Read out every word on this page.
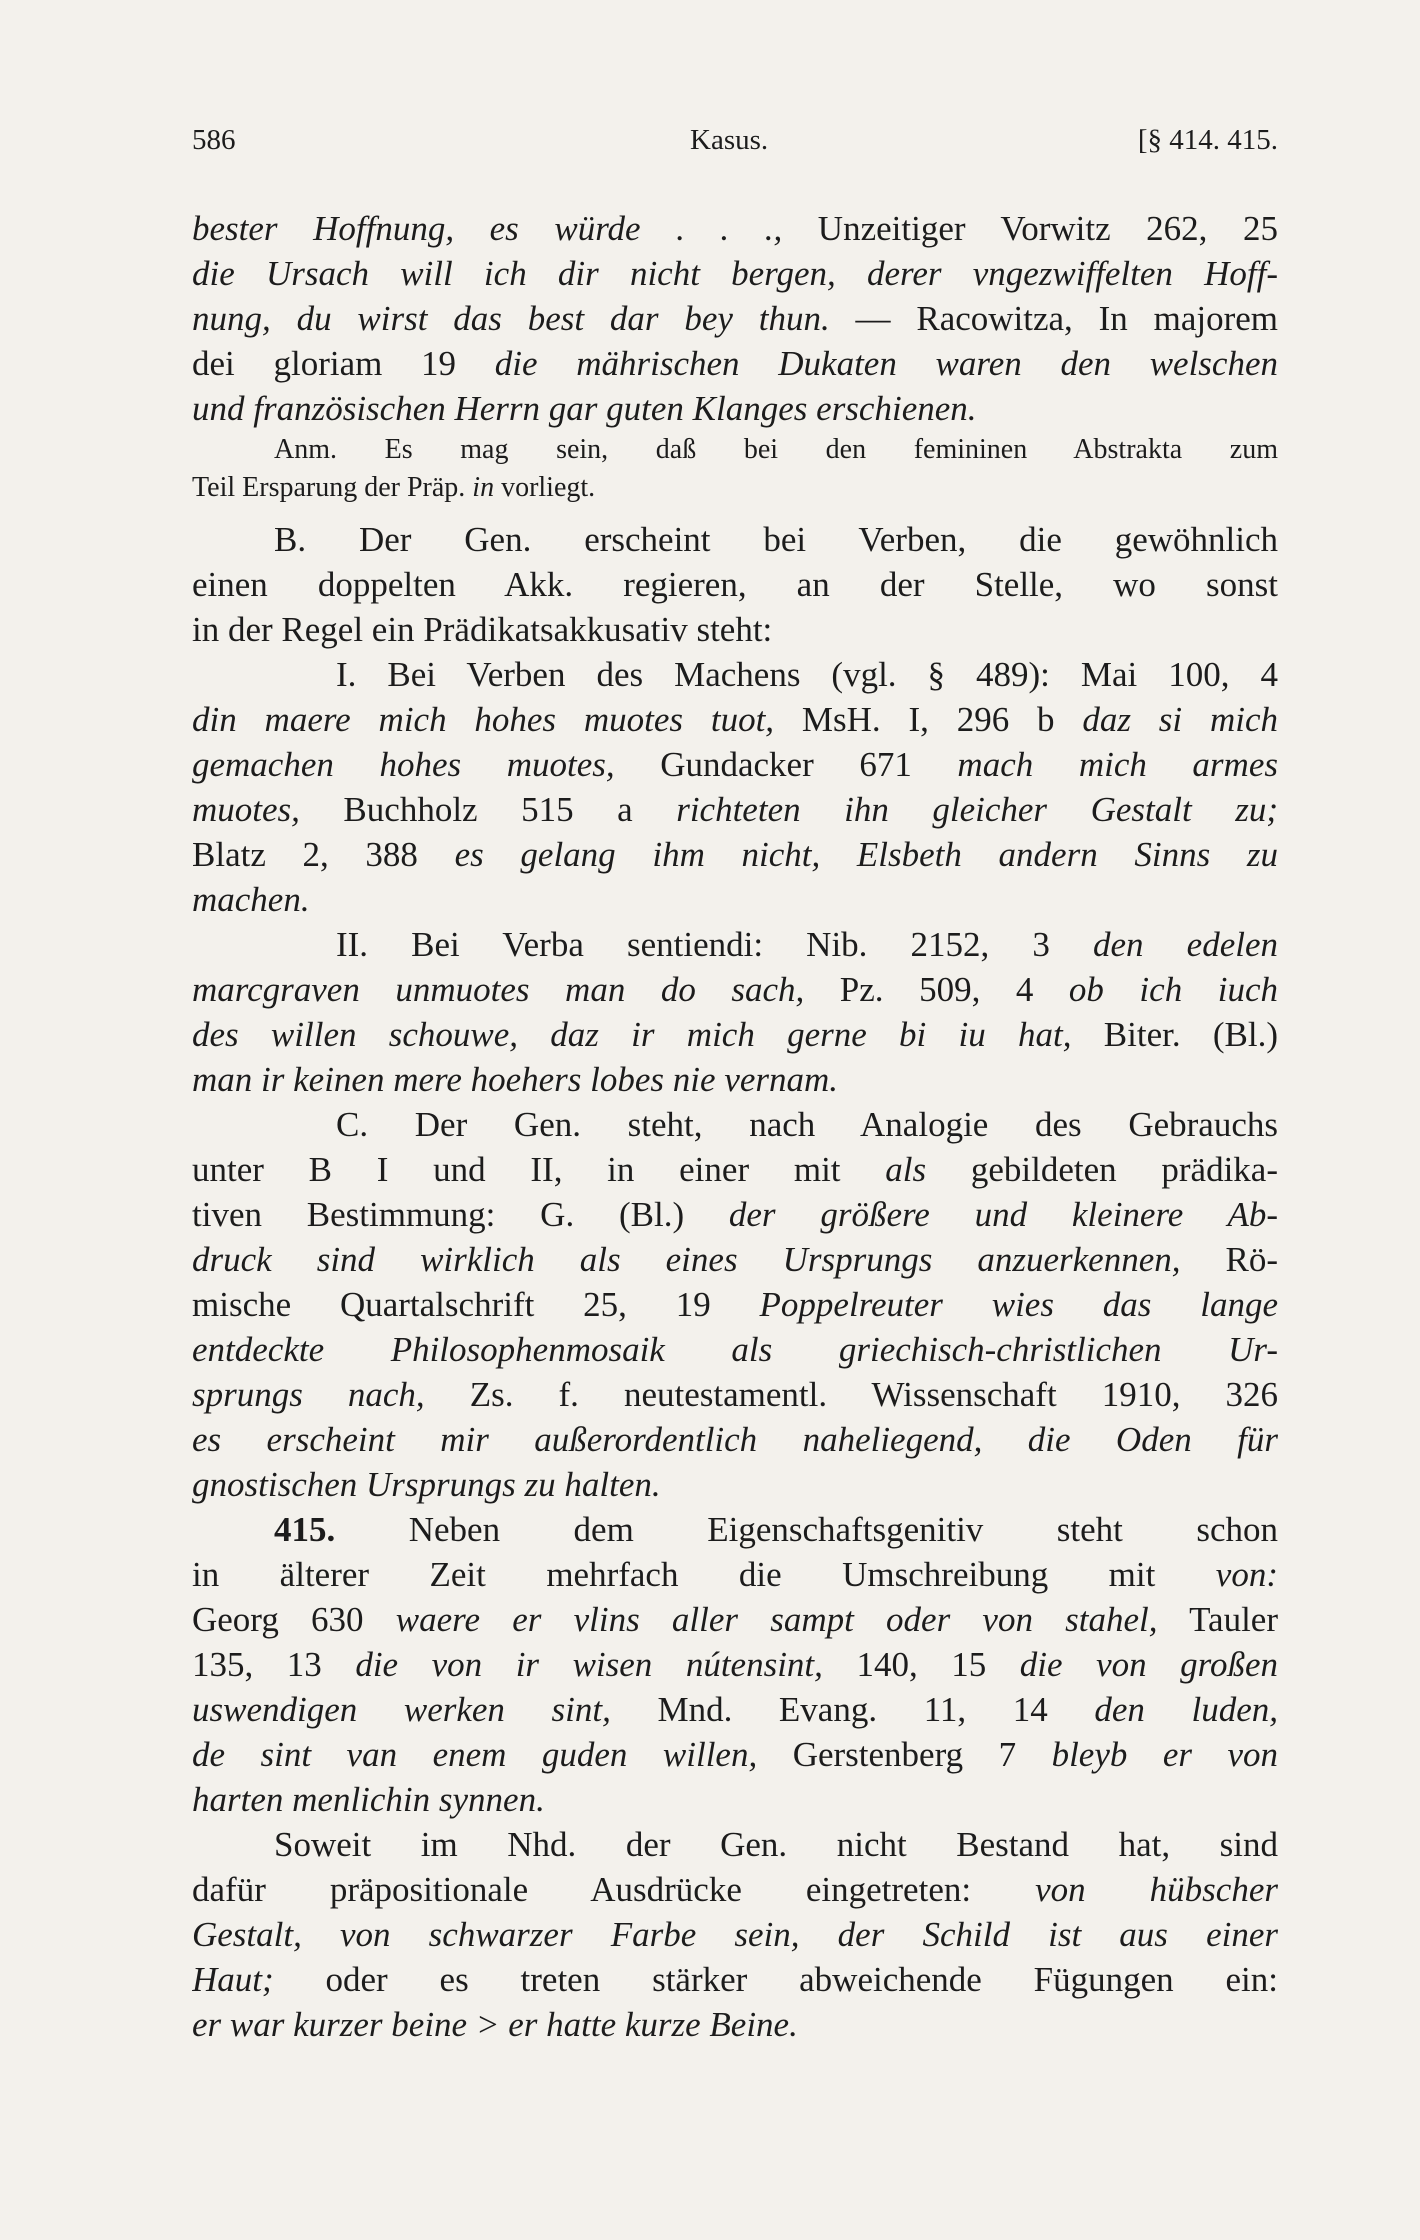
586	Kasus.	[§ 414. 415.
bester Hoffnung, es würde . . ., Unzeitiger Vorwitz 262, 25
die Ursach will ich dir nicht bergen, derer vngezwiffelten Hoff-
nung, du wirst das best dar bey thun. — Racowitza, In majorem
dei gloriam 19 die mährischen Dukaten waren den welschen
und französischen Herrn gar guten Klanges erschienen.
Anm. Es mag sein, daß bei den femininen Abstrakta zum
Teil Ersparung der Präp. in vorliegt.
B. Der Gen. erscheint bei Verben, die gewöhnlich
einen doppelten Akk. regieren, an der Stelle, wo sonst
in der Regel ein Prädikatsakkusativ steht:
I. Bei Verben des Machens (vgl. § 489): Mai 100, 4
din maere mich hohes muotes tuot, MsH. I, 296 b daz si mich
gemachen hohes muotes, Gundacker 671 mach mich armes
muotes, Buchholz 515 a richteten ihn gleicher Gestalt zu;
Blatz 2, 388 es gelang ihm nicht, Elsbeth andern Sinns zu
machen.
II. Bei Verba sentiendi: Nib. 2152, 3 den edelen
marcgraven unmuotes man do sach, Pz. 509, 4 ob ich iuch
des willen schouwe, daz ir mich gerne bi iu hat, Biter. (Bl.)
man ir keinen mere hoehers lobes nie vernam.
C. Der Gen. steht, nach Analogie des Gebrauchs
unter B I und II, in einer mit als gebildeten prädika-
tiven Bestimmung: G. (Bl.) der größere und kleinere Ab-
druck sind wirklich als eines Ursprungs anzuerkennen, Rö-
mische Quartalschrift 25, 19 Poppelreuter wies das lange
entdeckte Philosophenmosaik als griechisch-christlichen Ur-
sprungs nach, Zs. f. neutestamentl. Wissenschaft 1910, 326
es erscheint mir außerordentlich naheliegend, die Oden für
gnostischen Ursprungs zu halten.
415. Neben dem Eigenschaftsgenitiv steht schon
in älterer Zeit mehrfach die Umschreibung mit von:
Georg 630 waere er vlins aller sampt oder von stahel, Tauler
135, 13 die von ir wisen nútensint, 140, 15 die von großen
uswendigen werken sint, Mnd. Evang. 11, 14 den luden,
de sint van enem guden willen, Gerstenberg 7 bleyb er von
harten menlichin synnen.
Soweit im Nhd. der Gen. nicht Bestand hat, sind
dafür präpositionale Ausdrücke eingetreten: von hübscher
Gestalt, von schwarzer Farbe sein, der Schild ist aus einer
Haut; oder es treten stärker abweichende Fügungen ein:
er war kurzer beine > er hatte kurze Beine.
